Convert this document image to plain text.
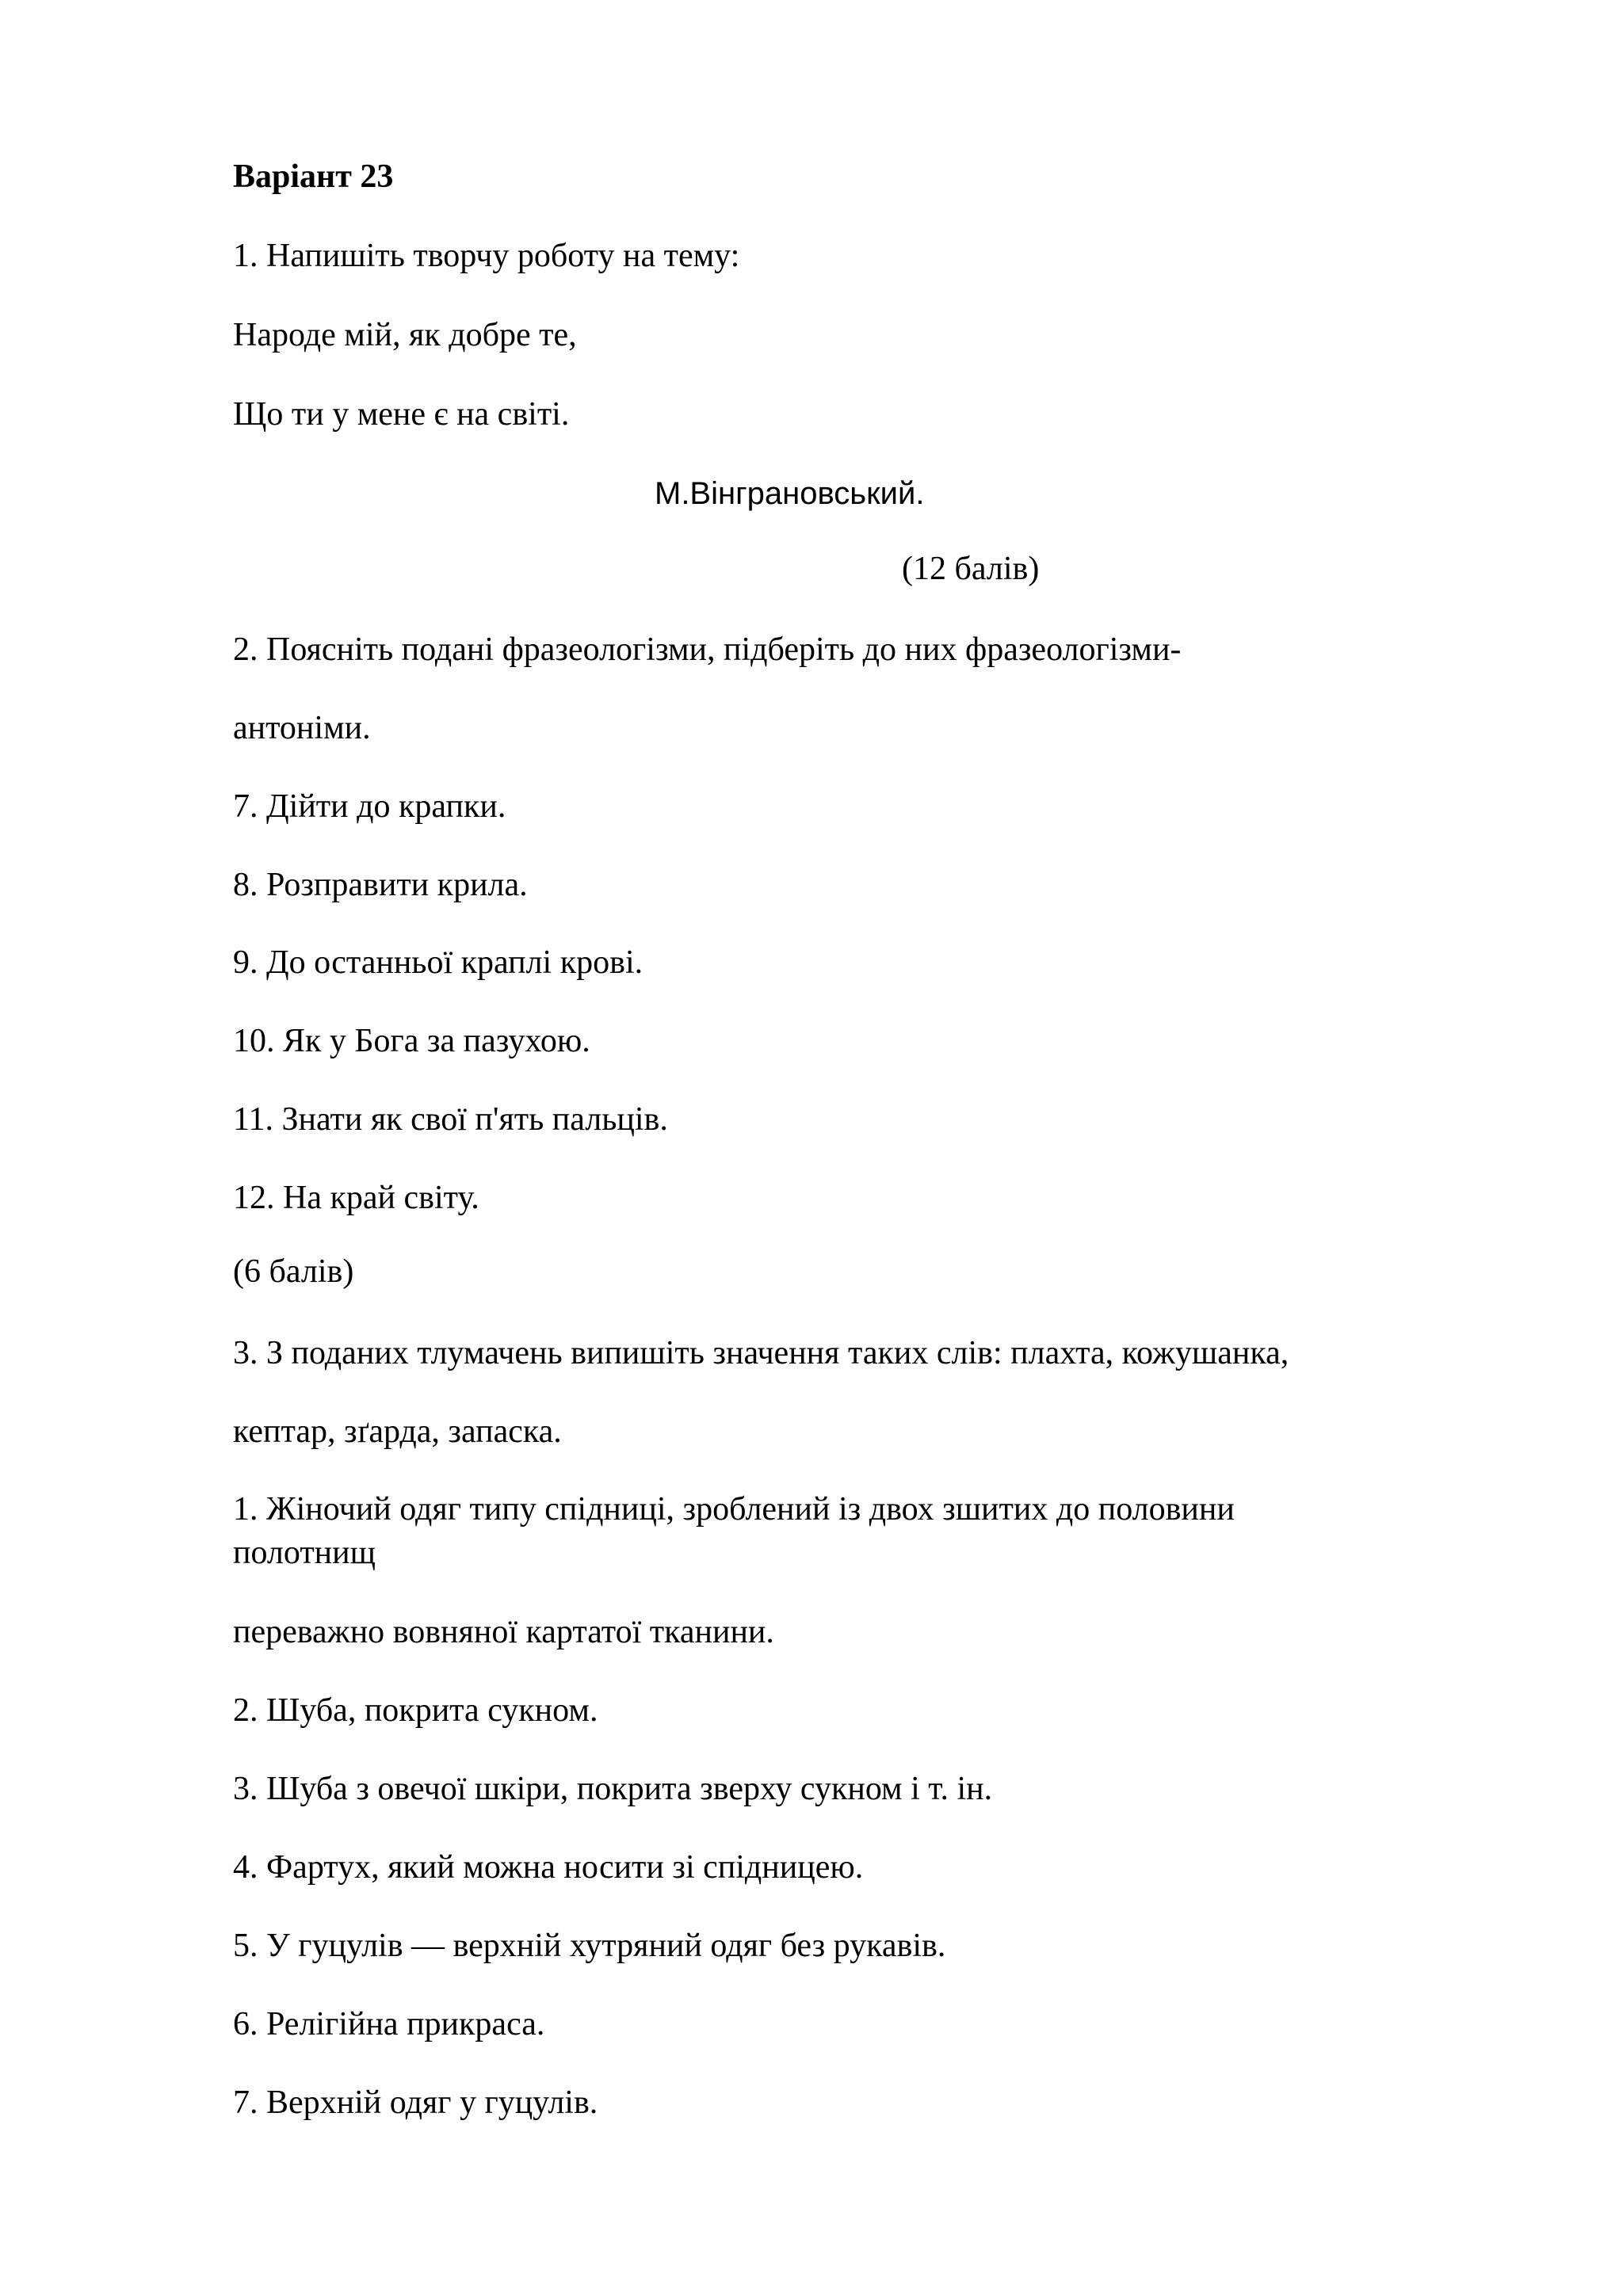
Варіант 23
1. Напишіть творчу роботу на тему:
Народе мій, як добре те,
Що ти у мене є на світі.
М.Вінграновський.
(12 балів)
2. Поясніть подані фразеологізми, підберіть до них фразеологізми-
антоніми.
7. Дійти до крапки.
8. Розправити крила.
9. До останньої краплі крові.
10. Як у Бога за пазухою.
11. Знати як свої п'ять пальців.
12. На край світу.
(6 балів)
3. З поданих тлумачень випишіть значення таких слів: плахта, кожушанка,
кептар, зґарда, запаска.
1. Жіночий одяг типу спідниці, зроблений із двох зшитих до половини
полотнищ
переважно вовняної картатої тканини.
2. Шуба, покрита сукном.
3. Шуба з овечої шкіри, покрита зверху сукном і т. ін.
4. Фартух, який можна носити зі спідницею.
5. У гуцулів — верхній хутряний одяг без рукавів.
6. Релігійна прикраса.
7. Верхній одяг у гуцулів.
